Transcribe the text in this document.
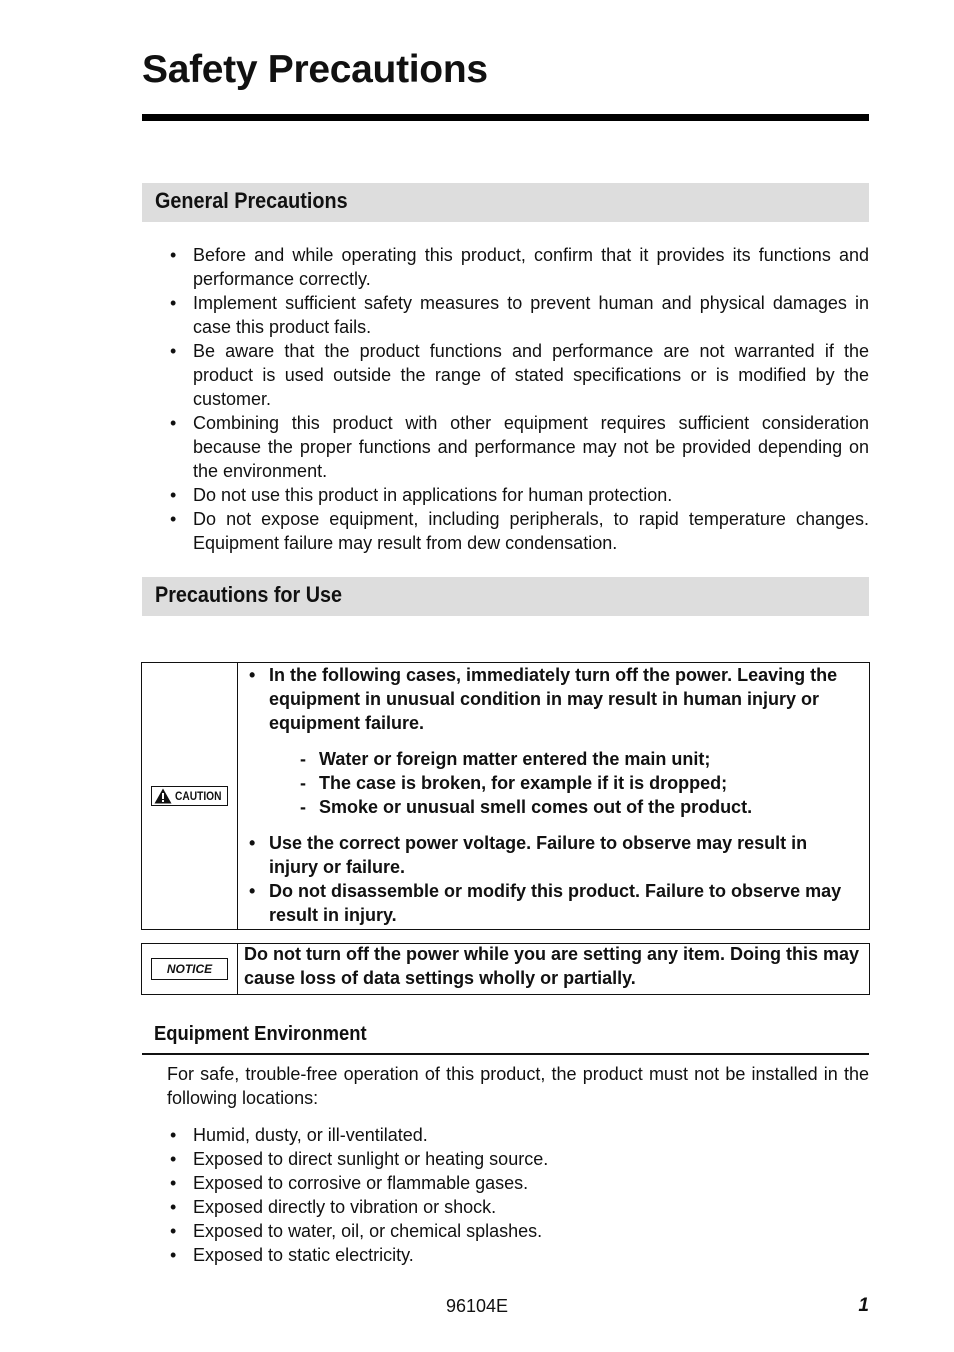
Safety Precautions
General Precautions
• Before and while operating this product, confirm that it provides its functions and performance correctly.
• Implement sufficient safety measures to prevent human and physical damages in case this product fails.
• Be aware that the product functions and performance are not warranted if the product is used outside the range of stated specifications or is modified by the customer.
• Combining this product with other equipment requires sufficient consideration because the proper functions and performance may not be provided depending on the environment.
• Do not use this product in applications for human protection.
• Do not expose equipment, including peripherals, to rapid temperature changes. Equipment failure may result from dew condensation.
Precautions for Use
CAUTION
• In the following cases, immediately turn off the power. Leaving the equipment in unusual condition in may result in human injury or equipment failure.
- Water or foreign matter entered the main unit;
- The case is broken, for example if it is dropped;
- Smoke or unusual smell comes out of the product.
• Use the correct power voltage. Failure to observe may result in injury or failure.
• Do not disassemble or modify this product. Failure to observe may result in injury.
NOTICE
Do not turn off the power while you are setting any item. Doing this may cause loss of data settings wholly or partially.
Equipment Environment

For safe, trouble-free operation of this product, the product must not be installed in the following locations:

• Humid, dusty, or ill-ventilated.
• Exposed to direct sunlight or heating source.
• Exposed to corrosive or flammable gases.
• Exposed directly to vibration or shock.
• Exposed to water, oil, or chemical splashes.
• Exposed to static electricity.
96104E	1
